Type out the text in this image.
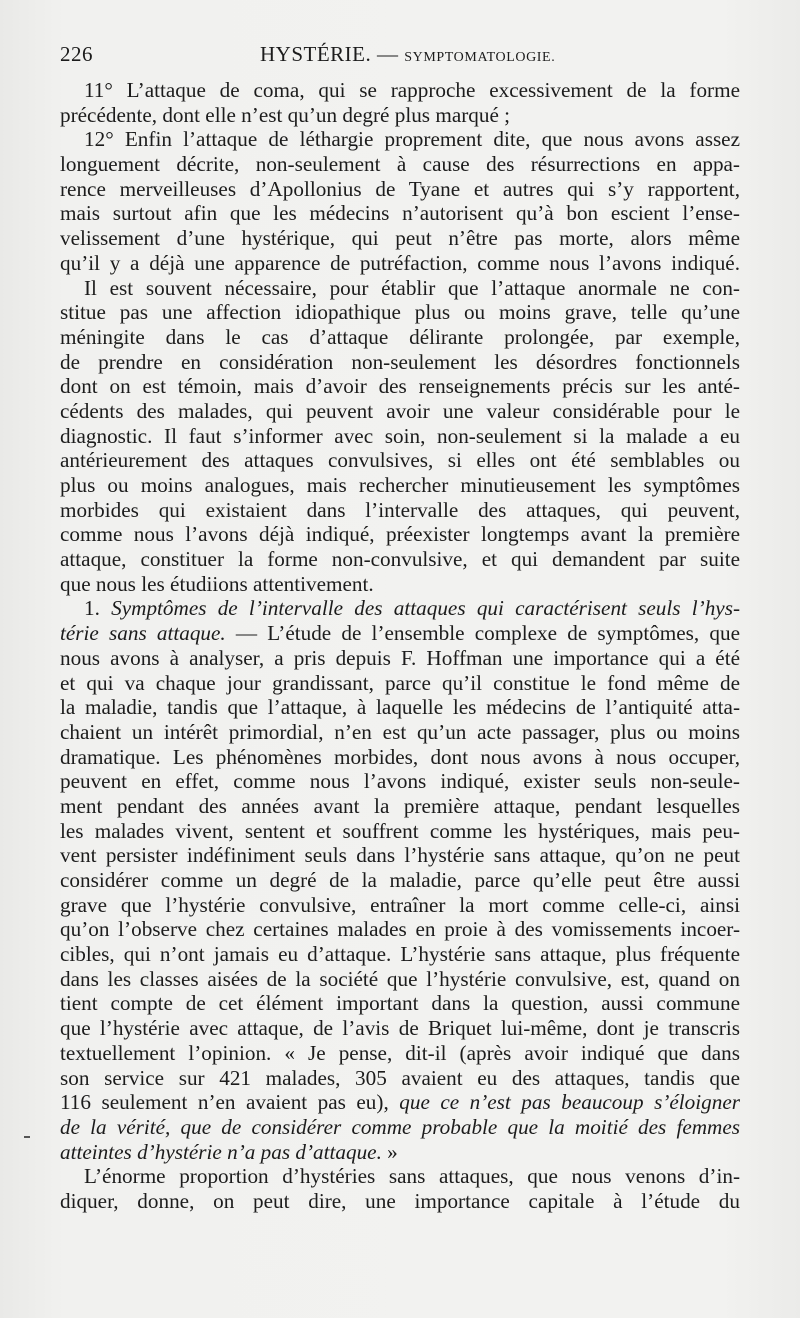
226	HYSTÉRIE. — SYMPTOMATOLOGIE.
11° L’attaque de coma, qui se rapproche excessivement de la forme
précédente, dont elle n’est qu’un degré plus marqué ;
12° Enfin l’attaque de léthargie proprement dite, que nous avons assez
longuement décrite, non-seulement à cause des résurrections en appa-
rence merveilleuses d’Apollonius de Tyane et autres qui s’y rapportent,
mais surtout afin que les médecins n’autorisent qu’à bon escient l’ense-
velissement d’une hystérique, qui peut n’être pas morte, alors même
qu’il y a déjà une apparence de putréfaction, comme nous l’avons indiqué.
Il est souvent nécessaire, pour établir que l’attaque anormale ne con-
stitue pas une affection idiopathique plus ou moins grave, telle qu’une
méningite dans le cas d’attaque délirante prolongée, par exemple,
de prendre en considération non-seulement les désordres fonctionnels
dont on est témoin, mais d’avoir des renseignements précis sur les anté-
cédents des malades, qui peuvent avoir une valeur considérable pour le
diagnostic. Il faut s’informer avec soin, non-seulement si la malade a eu
antérieurement des attaques convulsives, si elles ont été semblables ou
plus ou moins analogues, mais rechercher minutieusement les symptômes
morbides qui existaient dans l’intervalle des attaques, qui peuvent,
comme nous l’avons déjà indiqué, préexister longtemps avant la première
attaque, constituer la forme non-convulsive, et qui demandent par suite
que nous les étudiions attentivement.
1. Symptômes de l’intervalle des attaques qui caractérisent seuls l’hys-
térie sans attaque. — L’étude de l’ensemble complexe de symptômes, que
nous avons à analyser, a pris depuis F. Hoffman une importance qui a été
et qui va chaque jour grandissant, parce qu’il constitue le fond même de
la maladie, tandis que l’attaque, à laquelle les médecins de l’antiquité atta-
chaient un intérêt primordial, n’en est qu’un acte passager, plus ou moins
dramatique. Les phénomènes morbides, dont nous avons à nous occuper,
peuvent en effet, comme nous l’avons indiqué, exister seuls non-seule-
ment pendant des années avant la première attaque, pendant lesquelles
les malades vivent, sentent et souffrent comme les hystériques, mais peu-
vent persister indéfiniment seuls dans l’hystérie sans attaque, qu’on ne peut
considérer comme un degré de la maladie, parce qu’elle peut être aussi
grave que l’hystérie convulsive, entraîner la mort comme celle-ci, ainsi
qu’on l’observe chez certaines malades en proie à des vomissements incoer-
cibles, qui n’ont jamais eu d’attaque. L’hystérie sans attaque, plus fréquente
dans les classes aisées de la société que l’hystérie convulsive, est, quand on
tient compte de cet élément important dans la question, aussi commune
que l’hystérie avec attaque, de l’avis de Briquet lui-même, dont je transcris
textuellement l’opinion. « Je pense, dit-il (après avoir indiqué que dans
son service sur 421 malades, 305 avaient eu des attaques, tandis que
116 seulement n’en avaient pas eu), que ce n’est pas beaucoup s’éloigner
de la vérité, que de considérer comme probable que la moitié des femmes
atteintes d’hystérie n’a pas d’attaque. »
L’énorme proportion d’hystéries sans attaques, que nous venons d’in-
diquer, donne, on peut dire, une importance capitale à l’étude du
